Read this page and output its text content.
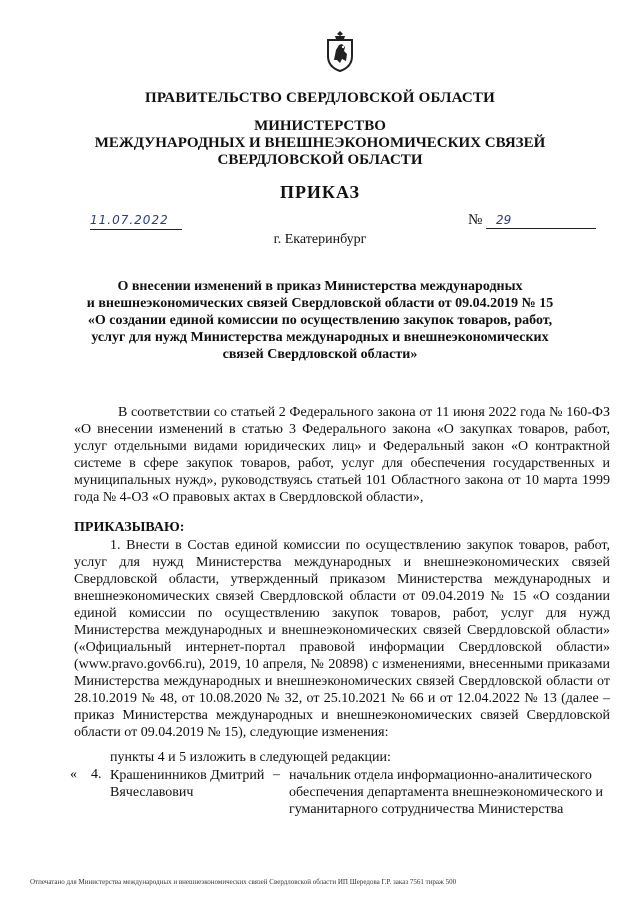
ПРАВИТЕЛЬСТВО СВЕРДЛОВСКОЙ ОБЛАСТИ
МИНИСТЕРСТВО
МЕЖДУНАРОДНЫХ И ВНЕШНЕЭКОНОМИЧЕСКИХ СВЯЗЕЙ
СВЕРДЛОВСКОЙ ОБЛАСТИ
ПРИКАЗ
11.07.2022	№	29
г. Екатеринбург
О внесении изменений в приказ Министерства международных
и внешнеэкономических связей Свердловской области от 09.04.2019 № 15
«О создании единой комиссии по осуществлению закупок товаров, работ,
услуг для нужд Министерства международных и внешнеэкономических
связей Свердловской области»
В соответствии со статьей 2 Федерального закона от 11 июня 2022 года № 160-ФЗ «О внесении изменений в статью 3 Федерального закона «О закупках товаров, работ, услуг отдельными видами юридических лиц» и Федеральный закон «О контрактной системе в сфере закупок товаров, работ, услуг для обеспечения государственных и муниципальных нужд», руководствуясь статьей 101 Областного закона от 10 марта 1999 года № 4-ОЗ «О правовых актах в Свердловской области»,
ПРИКАЗЫВАЮ:
1. Внести в Состав единой комиссии по осуществлению закупок товаров, работ, услуг для нужд Министерства международных и внешнеэкономических связей Свердловской области, утвержденный приказом Министерства международных и внешнеэкономических связей Свердловской области от 09.04.2019 № 15 «О создании единой комиссии по осуществлению закупок товаров, работ, услуг для нужд Министерства международных и внешнеэкономических связей Свердловской области» («Официальный интернет-портал правовой информации Свердловской области» (www.pravo.gov66.ru), 2019, 10 апреля, № 20898) с изменениями, внесенными приказами Министерства международных и внешнеэкономических связей Свердловской области от 28.10.2019 № 48, от 10.08.2020 № 32, от 25.10.2021 № 66 и от 12.04.2022 № 13 (далее – приказ Министерства международных и внешнеэкономических связей Свердловской области от 09.04.2019 № 15), следующие изменения:
пункты 4 и 5 изложить в следующей редакции:
« 4. Крашенинников Дмитрий Вячеславович
– начальник отдела информационно-аналитического обеспечения департамента внешнеэкономического и гуманитарного сотрудничества Министерства
Отпечатано для Министерства международных и внешнеэкономических связей Свердловской области ИП Шередова Г.Р. заказ 7561 тираж 500
